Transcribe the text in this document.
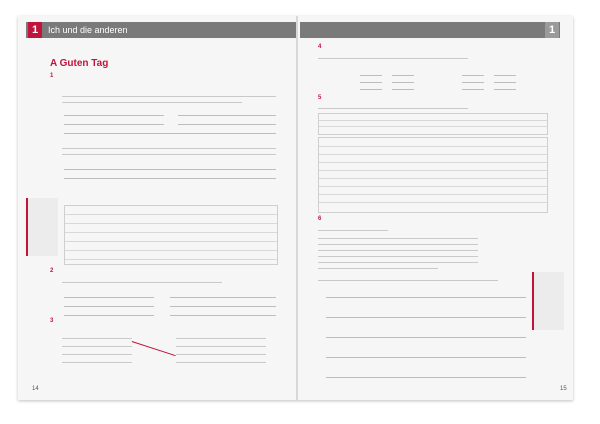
1	Ich und die anderen
A Guten Tag
1
2
3
14
1
4
5
6
15
